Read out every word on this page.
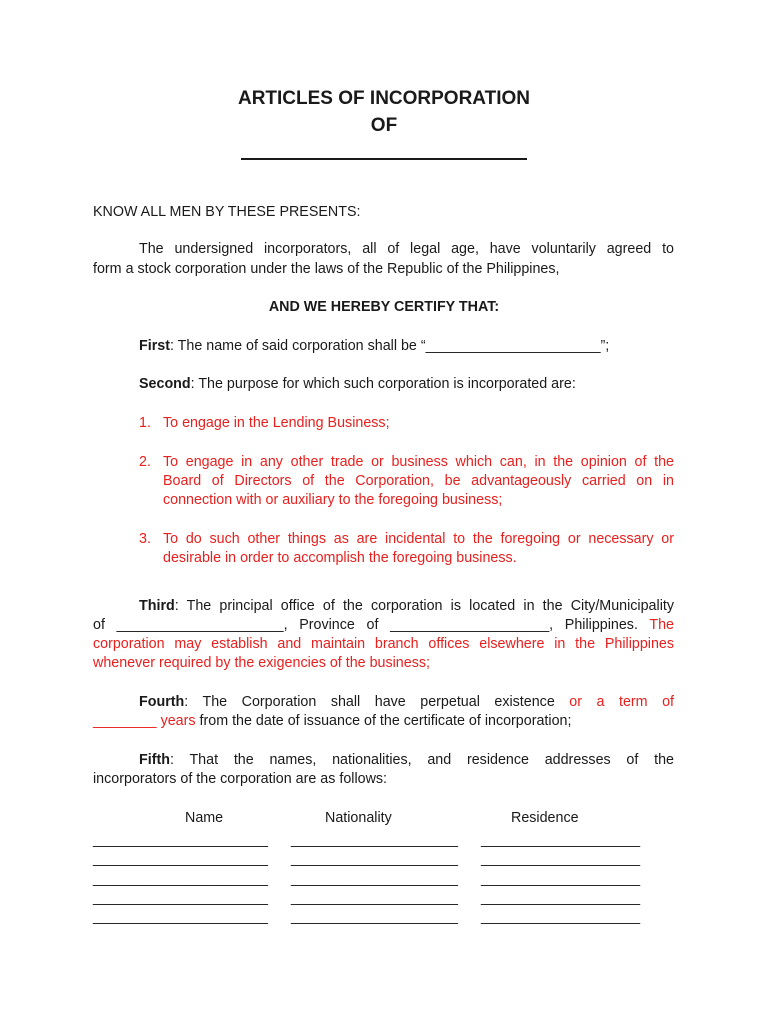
ARTICLES OF INCORPORATION
OF
KNOW ALL MEN BY THESE PRESENTS:
The undersigned incorporators, all of legal age, have voluntarily agreed to
form a stock corporation under the laws of the Republic of the Philippines,
AND WE HEREBY CERTIFY THAT:
First: The name of said corporation shall be “______________________”;
Second: The purpose for which such corporation is incorporated are:
1. To engage in the Lending Business;
2. To engage in any other trade or business which can, in the opinion of the
Board of Directors of the Corporation, be advantageously carried on in
connection with or auxiliary to the foregoing business;
3. To do such other things as are incidental to the foregoing or necessary or
desirable in order to accomplish the foregoing business.
Third: The principal office of the corporation is located in the City/Municipality
of _____________________, Province of ____________________, Philippines. The
corporation may establish and maintain branch offices elsewhere in the Philippines
whenever required by the exigencies of the business;
Fourth: The Corporation shall have perpetual existence or a term of
________ years from the date of issuance of the certificate of incorporation;
Fifth: That the names, nationalities, and residence addresses of the
incorporators of the corporation are as follows:
Name	Nationality	Residence
______________________ _____________________ ____________________
______________________ _____________________ ____________________
______________________ _____________________ ____________________
______________________ _____________________ ____________________
______________________ _____________________ ____________________
